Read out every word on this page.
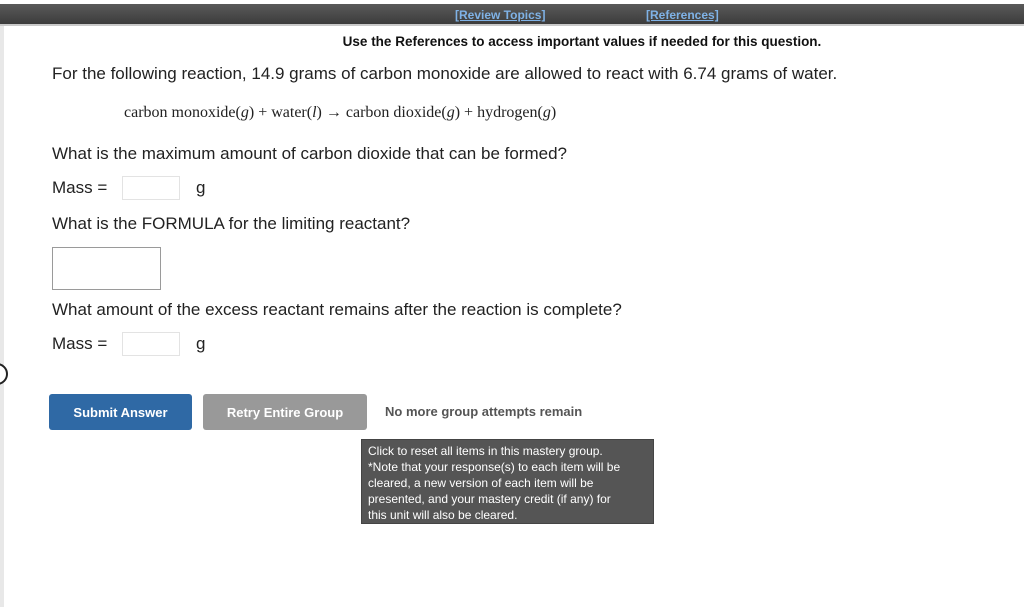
[Review Topics]	[References]
Use the References to access important values if needed for this question.
For the following reaction, 14.9 grams of carbon monoxide are allowed to react with 6.74 grams of water.
carbon monoxide(g) + water(l) → carbon dioxide(g) + hydrogen(g)
What is the maximum amount of carbon dioxide that can be formed?
Mass =	g
What is the FORMULA for the limiting reactant?
What amount of the excess reactant remains after the reaction is complete?
Mass =	g
Submit Answer	Retry Entire Group	No more group attempts remain
Click to reset all items in this mastery group.
*Note that your response(s) to each item will be
cleared, a new version of each item will be
presented, and your mastery credit (if any) for
this unit will also be cleared.
